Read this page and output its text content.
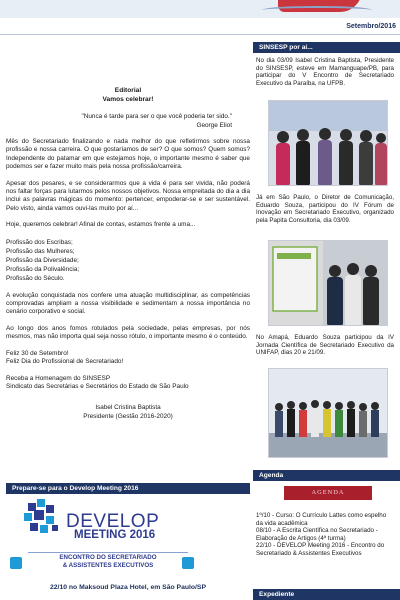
Setembro/2016
Editorial
Vamos celebrar!
"Nunca é tarde para ser o que você poderia ter sido."
George Eliot

Mês do Secretariado finalizando e nada melhor do que refletirmos sobre nossa profissão e nossa carreira. O que gostaríamos de ser? O que somos? Quem somos? Independente do patamar em que estejamos hoje, o importante mesmo é saber que podemos ser e fazer muito mais pela nossa profissão/carreira.

Apesar dos pesares, e se considerarmos que a vida é para ser vivida, não poderá nos faltar forças para lutarmos pelos nossos objetivos. Nossa empreitada do dia a dia inclui as palavras mágicas do momento: pertencer, empoderar-se e ser sustentável. Pelo visto, ainda vamos ouvi-las muito por aí...

Hoje, queremos celebrar! Afinal de contas, estamos frente a uma...

Profissão dos Escribas;
Profissão das Mulheres;
Profissão da Diversidade;
Profissão da Polivalência;
Profissão do Século.

A evolução conquistada nos confere uma atuação multidisciplinar, as competências comprovadas ampliam a nossa visibilidade e sedimentam a nossa importância no cenário corporativo e social.

Ao longo dos anos fomos rotulados pela sociedade, pelas empresas, por nós mesmos, mas não importa qual seja nosso rótulo, o importante mesmo é o conteúdo.

Feliz 30 de Setembro!
Feliz Dia do Profissional de Secretariado!
Receba a Homenagem do SINSESP
Sindicato das Secretárias e Secretários do Estado de São Paulo
Isabel Cristina Baptista
Presidente (Gestão 2016-2020)
Prepare-se para o Develop Meeting 2016
DEVELOP
MEETING 2016
ENCONTRO DO SECRETARIADO
& ASSISTENTES EXECUTIVOS
22/10 no Maksoud Plaza Hotel, em São Paulo/SP
SINSESP por aí...
No dia 03/09 Isabel Cristina Baptista, Presidente do SINSESP, esteve em Mamanguape/PB, para participar do V Encontro de Secretariado Executivo da Paraíba, na UFPB.
Já em São Paulo, o Diretor de Comunicação, Eduardo Souza, participou do IV Fórum de Inovação em Secretariado Executivo, organizado pela Papita Consultoria, dia 03/09.
No Amapá, Eduardo Souza participou da IV Jornada Científica de Secretariado Executivo da UNIFAP, dias 20 e 21/09.
Agenda
AGENDA
1º/10 - Curso: O Currículo Lattes como espelho da vida acadêmica
08/10 - A Escrita Científica no Secretariado - Elaboração de Artigos (4ª turma)
22/10 - DEVELOP Meeting 2016 - Encontro do Secretariado & Assistentes Executivos
Expediente
